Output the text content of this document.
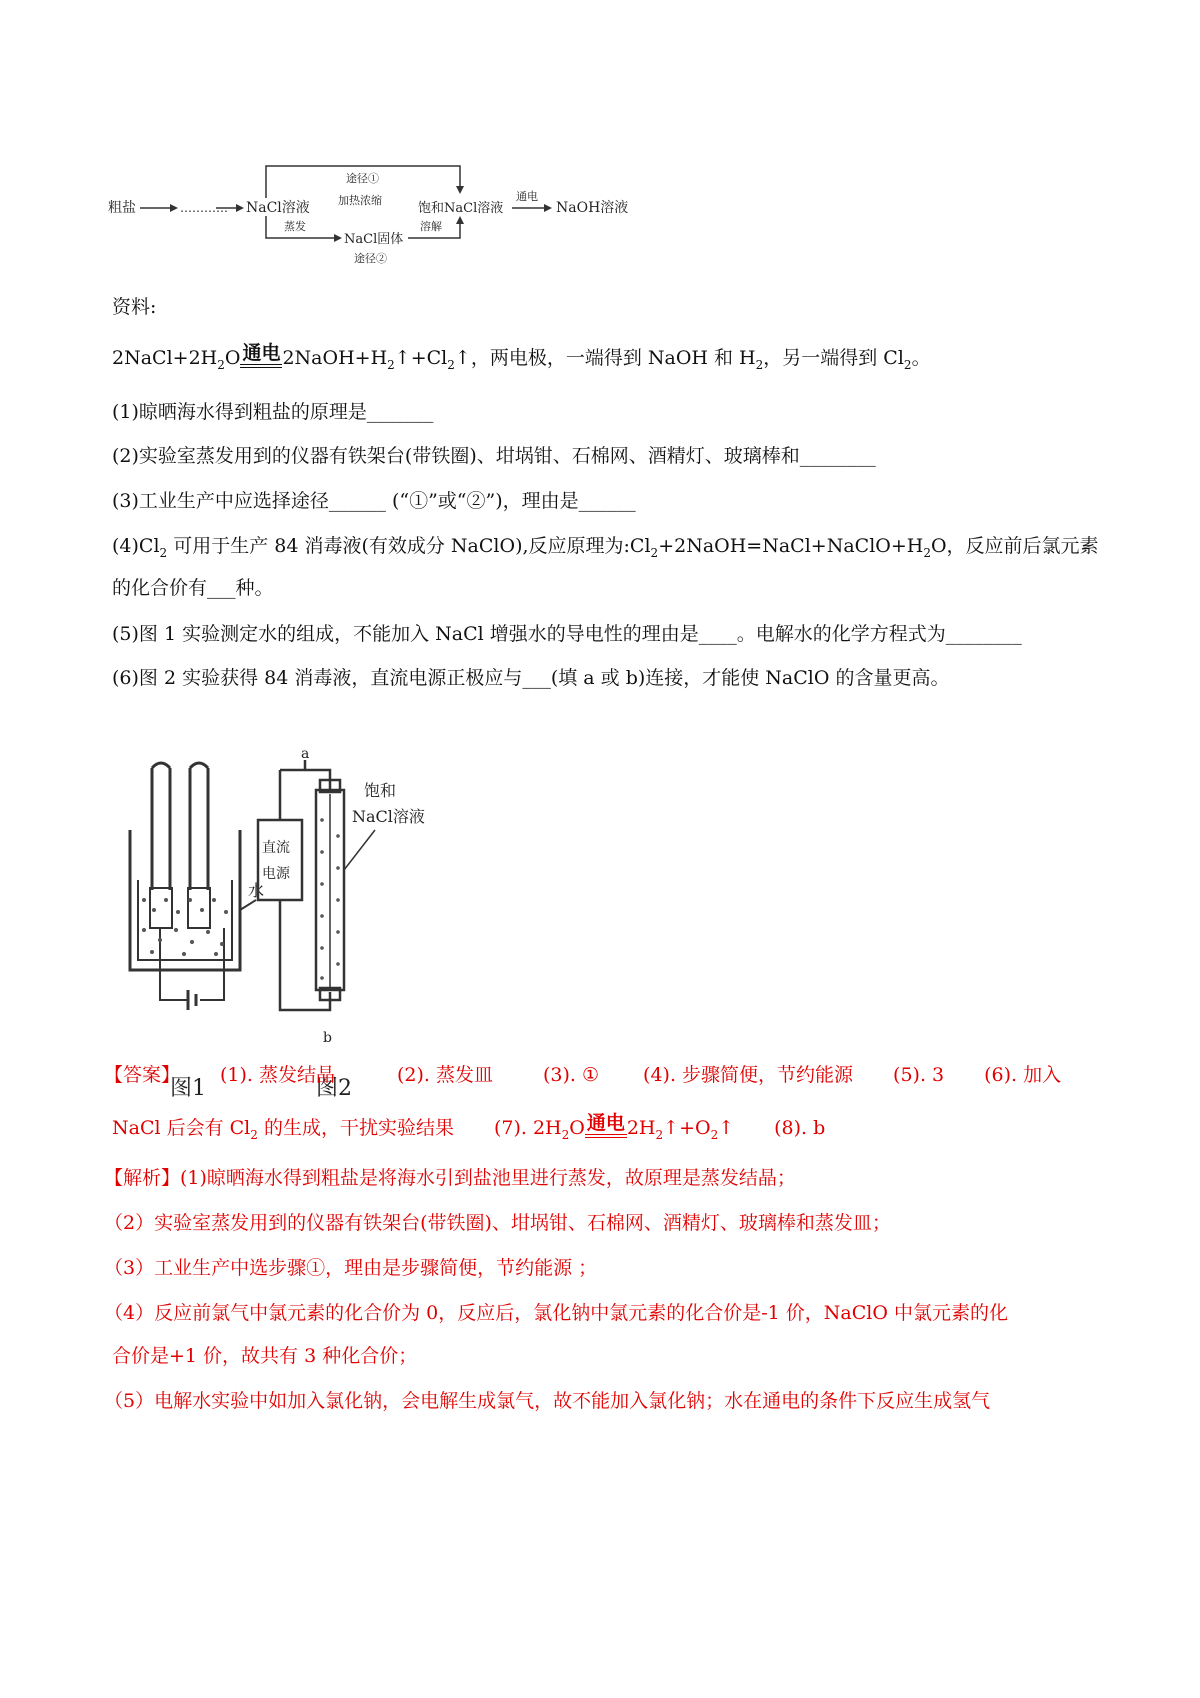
粗盐	………… NaCl溶液
途径①
加热浓缩
蒸发
NaCl固体
途径②
溶解
饱和NaCl溶液
通电
NaOH溶液
资料:
$2NaCl+2H_2O$ 通电 $2NaOH+H_2↑+Cl_2↑$，两电极，一端得到 NaOH 和 $H_2$，另一端得到 $Cl_2$。
(1)晾晒海水得到粗盐的原理是_______
(2)实验室蒸发用到的仪器有铁架台(带铁圈)、坩埚钳、石棉网、酒精灯、玻璃棒和________
(3)工业生产中应选择途径______ (“①”或“②”)，理由是______
$(4)Cl_2$ 可用于生产 84 消毒液(有效成分 NaClO),反应原理为$:Cl_2+2NaOH=NaCl+NaClO+H_2O$，反应前后氯元素
的化合价有___种。
(5)图 1 实验测定水的组成，不能加入 NaCl 增强水的导电性的理由是____。电解水的化学方程式为________
(6)图 2 实验获得 84 消毒液，直流电源正极应与___(填 a 或 b)连接，才能使 NaClO 的含量更高。
水
图1
a
b
直流
电源
饱和
NaCl溶液
图2
【答案】 (1). 蒸发结晶	(2). 蒸发皿	(3). ① (4). 步骤简便，节约能源 (5). 3 (6). 加入
NaCl 后会有 $Cl_2$ 的生成，干扰实验结果 (7). $2H_2O$ 通电 $2H_2↑+O_2↑$ (8). b
【解析】(1)晾晒海水得到粗盐是将海水引到盐池里进行蒸发，故原理是蒸发结晶；
（2）实验室蒸发用到的仪器有铁架台(带铁圈)、坩埚钳、石棉网、酒精灯、玻璃棒和蒸发皿；
（3）工业生产中选步骤①，理由是步骤简便，节约能源 ；
（4）反应前氯气中氯元素的化合价为 0，反应后，氯化钠中氯元素的化合价是-1 价，NaClO 中氯元素的化
合价是+1 价，故共有 3 种化合价；
（5）电解水实验中如加入氯化钠，会电解生成氯气，故不能加入氯化钠；水在通电的条件下反应生成氢气
